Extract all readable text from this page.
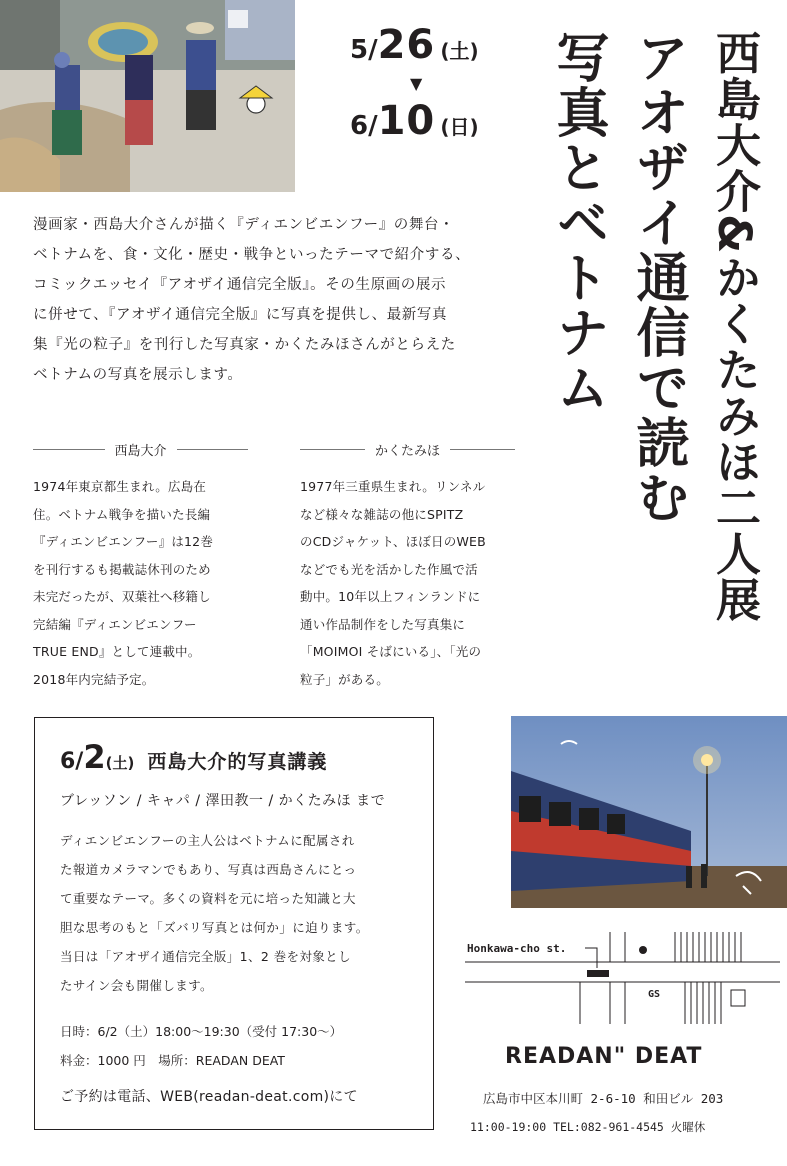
5/26 (土)
▼
6/10 (日)	西島大介&かくたみほ二人展
アオザイ通信で読む
写真とベトナム
漫画家・西島大介さんが描く『ディエンビエンフー』の舞台・
ベトナムを、食・文化・歴史・戦争といったテーマで紹介する、
コミックエッセイ『アオザイ通信完全版』。その生原画の展示
に併せて、『アオザイ通信完全版』に写真を提供し、最新写真
集『光の粒子』を刊行した写真家・かくたみほさんがとらえた
ベトナムの写真を展示します。
西島大介
1974年東京都生まれ。広島在
住。ベトナム戦争を描いた長編
『ディエンビエンフー』は12巻
を刊行するも掲載誌休刊のため
未完だったが、双葉社へ移籍し
完結編『ディエンビエンフー
TRUE END』として連載中。
2018年内完結予定。
かくたみほ
1977年三重県生まれ。リンネル
など様々な雑誌の他にSPITZ
のCDジャケット、ほぼ日のWEB
などでも光を活かした作風で活
動中。10年以上フィンランドに
通い作品制作をした写真集に
「MOIMOI そばにいる」、「光の
粒子」がある。
6/2(土) 西島大介的写真講義
ブレッソン / キャパ / 澤田教一 / かくたみほ まで
ディエンビエンフーの主人公はベトナムに配属され
た報道カメラマンでもあり、写真は西島さんにとっ
て重要なテーマ。多くの資料を元に培った知識と大
胆な思考のもと「ズバリ写真とは何か」に迫ります。
当日は「アオザイ通信完全版」1、2 巻を対象とし
たサイン会も開催します。
日時：6/2（土）18:00〜19:30（受付 17:30〜）
料金：1000 円　場所：READAN DEAT
ご予約は電話、WEB(readan-deat.com)にて
Honkawa-cho st.
GS
READAN" DEAT
広島市中区本川町 2-6-10 和田ビル 203
11:00-19:00 TEL:082-961-4545 火曜休
